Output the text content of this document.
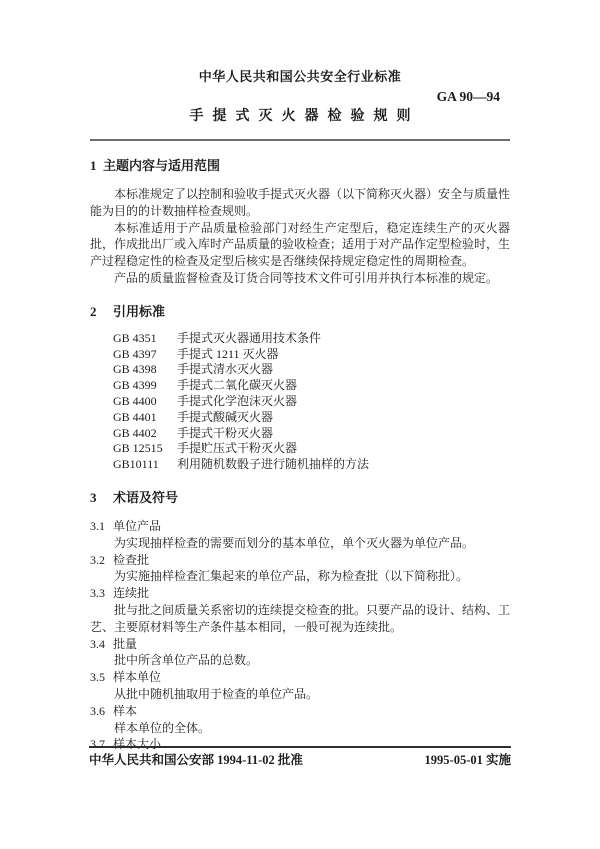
中华人民共和国公共安全行业标准
GA 90—94
手提式灭火器检验规则
1 主题内容与适用范围

本标准规定了以控制和验收手提式灭火器（以下简称灭火器）安全与质量性能为目的的计数抽样检查规则。

本标准适用于产品质量检验部门对经生产定型后，稳定连续生产的灭火器批，作成批出厂或入库时产品质量的验收检查；适用于对产品作定型检验时，生产过程稳定性的检查及定型后核实是否继续保持规定稳定性的周期检查。

产品的质量监督检查及订货合同等技术文件可引用并执行本标准的规定。

2 引用标准
GB 4351 手提式灭火器通用技术条件
GB 4397 手提式 1211 灭火器
GB 4398 手提式清水灭火器
GB 4399 手提式二氧化碳灭火器
GB 4400 手提式化学泡沫灭火器
GB 4401 手提式酸碱灭火器
GB 4402 手提式干粉灭火器
GB 12515 手提贮压式干粉灭火器
GB10111 利用随机数骰子进行随机抽样的方法
3 术语及符号
3.1 单位产品

为实现抽样检查的需要而划分的基本单位，单个灭火器为单位产品。

3.2 检查批

为实施抽样检查汇集起来的单位产品，称为检查批（以下简称批）。

3.3 连续批

批与批之间质量关系密切的连续提交检查的批。只要产品的设计、结构、工艺、主要原材料等生产条件基本相同，一般可视为连续批。

3.4 批量

批中所含单位产品的总数。

3.5 样本单位

从批中随机抽取用于检查的单位产品。

3.6 样本

样本单位的全体。

3.7 样本大小
中华人民共和国公安部 1994-11-02 批准	1995-05-01 实施
